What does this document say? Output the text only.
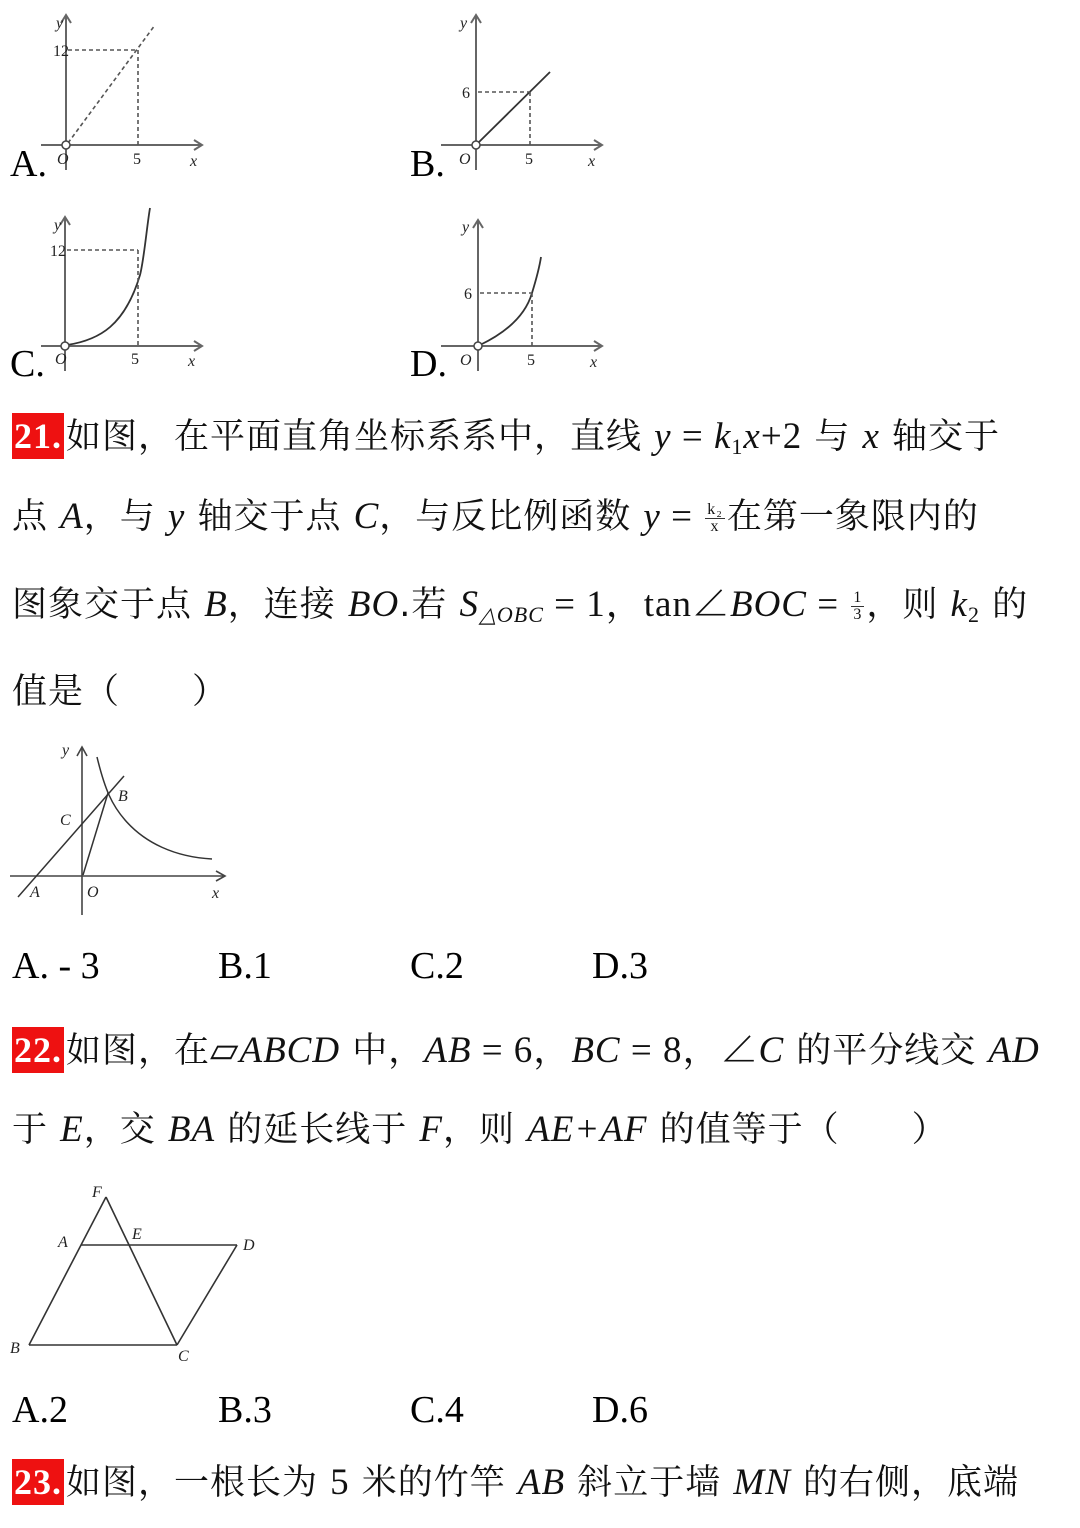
A.
y
12
O	5	x	B.
y
6
O	5	x
C.
y
12
O	5	x	D.
y
6
O	5	x
21. 如图，在平面直角坐标系系中，直线 $y = k_1x+2$ 与 x 轴交于
点 A，与 y 轴交于点 C，与反比例函数 $y = \frac{\text{k₂}}{x}$ 在第一象限内的
图象交于点 B，连接 BO.若 $S_{\triangle OBC} = 1$，tan∠BOC = $\frac{1}{3}$ ，则 $k_2$ 的
值是（　　）
y
x
A	O
C
B
A. - 3	B.1	C.2	D.3
22. 如图，在▱ABCD 中，AB = 6，BC = 8，∠C 的平分线交 AD
于 E，交 BA 的延长线于 F，则 AE+AF 的值等于（　　）
F
A	E
D
B	C
A.2	B.3	C.4	D.6
23. 如图，一根长为 5 米的竹竿 AB 斜立于墙 MN 的右侧，底端
